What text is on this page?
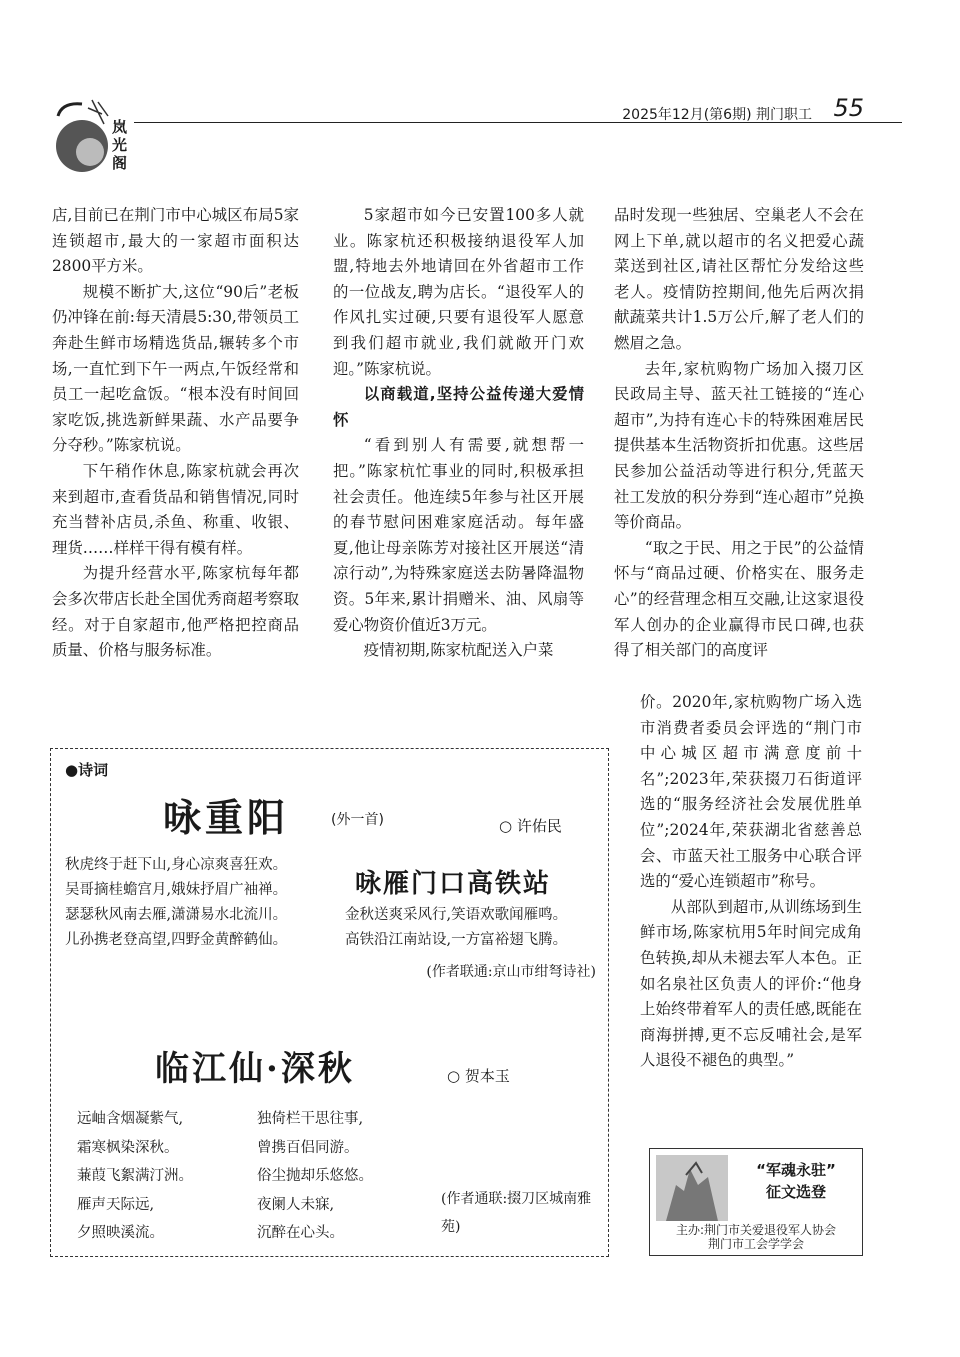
岚光阁
2025年12月(第6期) 荆门职工 55

店,目前已在荆门市中心城区布局5家连锁超市,最大的一家超市面积达2800平方米。

规模不断扩大,这位“90后”老板仍冲锋在前:每天清晨5:30,带领员工奔赴生鲜市场精选货品,辗转多个市场,一直忙到下午一两点,午饭经常和员工一起吃盒饭。“根本没有时间回家吃饭,挑选新鲜果蔬、水产品要争分夺秒。”陈家杭说。

下午稍作休息,陈家杭就会再次来到超市,查看货品和销售情况,同时充当替补店员,杀鱼、称重、收银、理货……样样干得有模有样。

为提升经营水平,陈家杭每年都会多次带店长赴全国优秀商超考察取经。对于自家超市,他严格把控商品质量、价格与服务标准。

5家超市如今已安置100多人就业。陈家杭还积极接纳退役军人加盟,特地去外地请回在外省超市工作的一位战友,聘为店长。“退役军人的作风扎实过硬,只要有退役军人愿意到我们超市就业,我们就敞开门欢迎。”陈家杭说。

以商载道,坚持公益传递大爱情怀

“看到别人有需要,就想帮一把。”陈家杭忙事业的同时,积极承担社会责任。他连续5年参与社区开展的春节慰问困难家庭活动。每年盛夏,他让母亲陈芳对接社区开展送“清凉行动”,为特殊家庭送去防暑降温物资。5年来,累计捐赠米、油、风扇等爱心物资价值近3万元。

疫情初期,陈家杭配送入户菜

品时发现一些独居、空巢老人不会在网上下单,就以超市的名义把爱心蔬菜送到社区,请社区帮忙分发给这些老人。疫情防控期间,他先后两次捐献蔬菜共计1.5万公斤,解了老人们的燃眉之急。

去年,家杭购物广场加入掇刀区民政局主导、蓝天社工链接的“连心超市”,为持有连心卡的特殊困难居民提供基本生活物资折扣优惠。这些居民参加公益活动等进行积分,凭蓝天社工发放的积分券到“连心超市”兑换等价商品。

“取之于民、用之于民”的公益情怀与“商品过硬、价格实在、服务走心”的经营理念相互交融,让这家退役军人创办的企业赢得市民口碑,也获得了相关部门的高度评

价。2020年,家杭购物广场入选市消费者委员会评选的“荆门市中心城区超市满意度前十名”;2023年,荣获掇刀石街道评选的“服务经济社会发展优胜单位”;2024年,荣获湖北省慈善总会、市蓝天社工服务中心联合评选的“爱心连锁超市”称号。

从部队到超市,从训练场到生鲜市场,陈家杭用5年时间完成角色转换,却从未褪去军人本色。正如名泉社区负责人的评价:“他身上始终带着军人的责任感,既能在商海拼搏,更不忘反哺社会,是军人退役不褪色的典型。”

●诗词
咏重阳	(外一首)	○ 许佑民
秋虎终于赶下山,身心凉爽喜狂欢。
吴哥摘桂蟾宫月,娥妹抒眉广袖禅。
瑟瑟秋风南去雁,潇潇易水北流川。
儿孙携老登高望,四野金黄醉鹤仙。
咏雁门口高铁站
金秋送爽采风行,笑语欢歌闻雁鸣。
高铁沿江南站设,一方富裕翅飞腾。
(作者联通:京山市绀弩诗社)
临江仙·深秋	○ 贺本玉
远岫含烟凝紫气,
霜寒枫染深秋。
蒹葭飞絮满汀洲。
雁声天际远,
夕照映溪流。
独倚栏干思往事,
曾携百侣同游。
俗尘抛却乐悠悠。
夜阑人未寐,
沉醉在心头。
(作者通联:掇刀区城南雅苑)
“军魂永驻”
征文选登
主办:荆门市关爱退役军人协会
荆门市工会学学会
